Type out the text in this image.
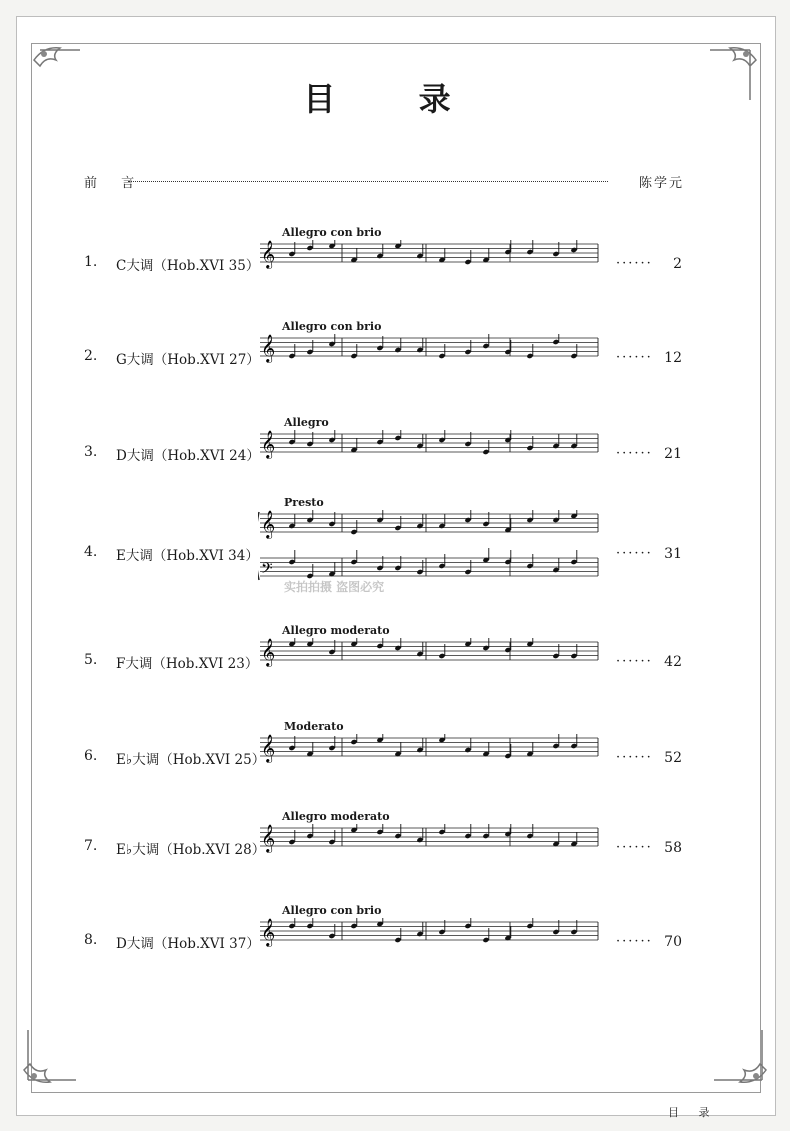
目 录
前 言	陈学元
1. C大调（Hob.XVI 35）
Allegro con brio
𝄞	······ 2
2. G大调（Hob.XVI 27）
Allegro con brio
𝄞	······ 12
3. D大调（Hob.XVI 24）
Allegro
𝄞	······ 21
4. E大调（Hob.XVI 34）
Presto
𝄞
𝄢
······ 31
5. F大调（Hob.XVI 23）
Allegro moderato
𝄞	······ 42
6. E♭大调（Hob.XVI 25）
Moderato
𝄞	······ 52
7. E♭大调（Hob.XVI 28）
Allegro moderato
𝄞	······ 58
8. D大调（Hob.XVI 37）
Allegro con brio
𝄞	······ 70
实拍拍摄 盗图必究
目 录
